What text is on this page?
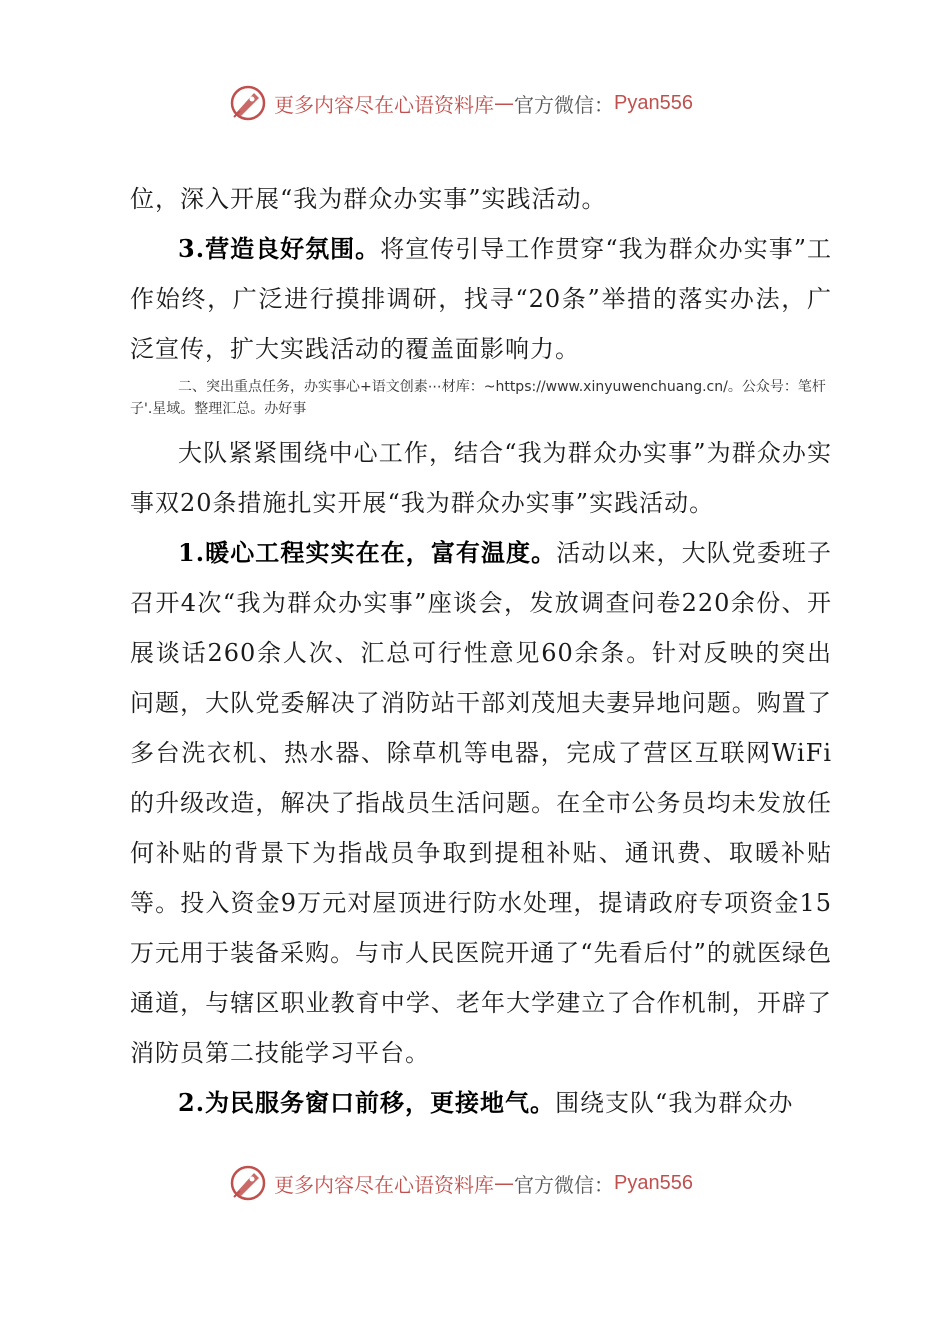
更多内容尽在心语资料库 — 官方微信： Pyan556

位，深入开展“我为群众办实事”实践活动。

3.营造良好氛围。将宣传引导工作贯穿“我为群众办实事”工作始终，广泛进行摸排调研，找寻“20条”举措的落实办法，广泛宣传，扩大实践活动的覆盖面影响力。

二、突出重点任务，办实事心+语文创素⋯材库：~https://www.xinyuwenchuang.cn/。公众号：笔杆子'.星域。整理汇总。办好事

大队紧紧围绕中心工作，结合“我为群众办实事”为群众办实事双20条措施扎实开展“我为群众办实事”实践活动。

1.暖心工程实实在在，富有温度。活动以来，大队党委班子召开4次“我为群众办实事”座谈会，发放调查问卷220余份、开展谈话260余人次、汇总可行性意见60余条。针对反映的突出问题，大队党委解决了消防站干部刘茂旭夫妻异地问题。购置了多台洗衣机、热水器、除草机等电器，完成了营区互联网WiFi的升级改造，解决了指战员生活问题。在全市公务员均未发放任何补贴的背景下为指战员争取到提租补贴、通讯费、取暖补贴等。投入资金9万元对屋顶进行防水处理，提请政府专项资金15万元用于装备采购。与市人民医院开通了“先看后付”的就医绿色通道，与辖区职业教育中学、老年大学建立了合作机制，开辟了消防员第二技能学习平台。

2.为民服务窗口前移，更接地气。围绕支队“我为群众办

更多内容尽在心语资料库 — 官方微信： Pyan556
